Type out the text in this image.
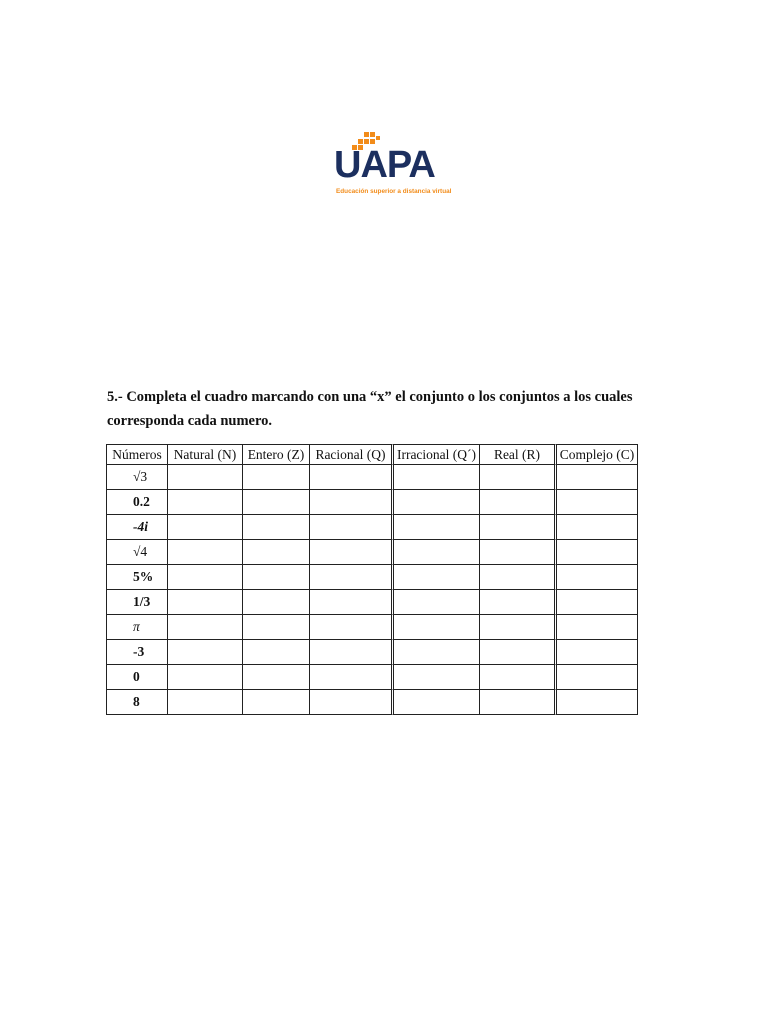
UAPA
Educación superior a distancia virtual

5.- Completa el cuadro marcando con una “x” el conjunto o los conjuntos a los cuales corresponda cada numero.

Números	Natural (N)	Entero (Z)	Racional (Q)	Irracional (Q´)	Real (R)	Complejo (C)
√3						
0.2						
-4i						
√4						
5%						
1/3						
π						
-3						
0						
8						
